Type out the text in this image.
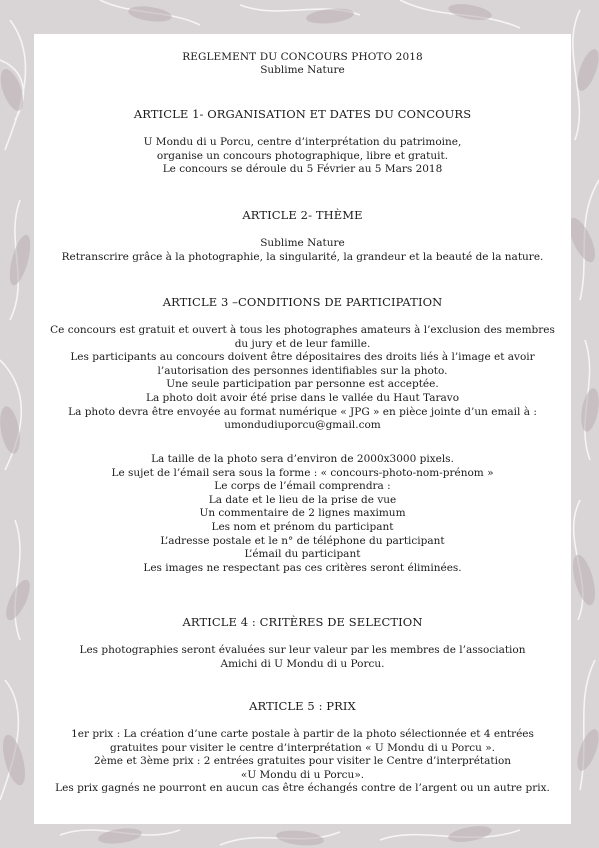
REGLEMENT DU CONCOURS PHOTO 2018
Sublime Nature
ARTICLE 1- ORGANISATION ET DATES DU CONCOURS
U Mondu di u Porcu, centre d’interprétation du patrimoine,
organise un concours photographique, libre et gratuit.
Le concours se déroule du 5 Février au 5 Mars 2018
ARTICLE 2- THÈME
Sublime Nature
Retranscrire grâce à la photographie, la singularité, la grandeur et la beauté de la nature.
ARTICLE 3 –CONDITIONS DE PARTICIPATION
Ce concours est gratuit et ouvert à tous les photographes amateurs à l’exclusion des membres
du jury et de leur famille.
Les participants au concours doivent être dépositaires des droits liés à l’image et avoir
l’autorisation des personnes identifiables sur la photo.
Une seule participation par personne est acceptée.
La photo doit avoir été prise dans le vallée du Haut Taravo
La photo devra être envoyée au format numérique « JPG » en pièce jointe d’un email à :
umondudiuporcu@gmail.com
La taille de la photo sera d’environ de 2000x3000 pixels.
Le sujet de l’émail sera sous la forme : « concours-photo-nom-prénom »
Le corps de l’émail comprendra :
La date et le lieu de la prise de vue
Un commentaire de 2 lignes maximum
Les nom et prénom du participant
L’adresse postale et le n° de téléphone du participant
L’émail du participant
Les images ne respectant pas ces critères seront éliminées.
ARTICLE 4 : CRITÈRES DE SELECTION
Les photographies seront évaluées sur leur valeur par les membres de l’association
Amichi di U Mondu di u Porcu.
ARTICLE 5 : PRIX
1er prix : La création d’une carte postale à partir de la photo sélectionnée et 4 entrées
gratuites pour visiter le centre d’interprétation « U Mondu di u Porcu ».
2ème et 3ème prix : 2 entrées gratuites pour visiter le Centre d’interprétation
«U Mondu di u Porcu».
Les prix gagnés ne pourront en aucun cas être échangés contre de l’argent ou un autre prix.
